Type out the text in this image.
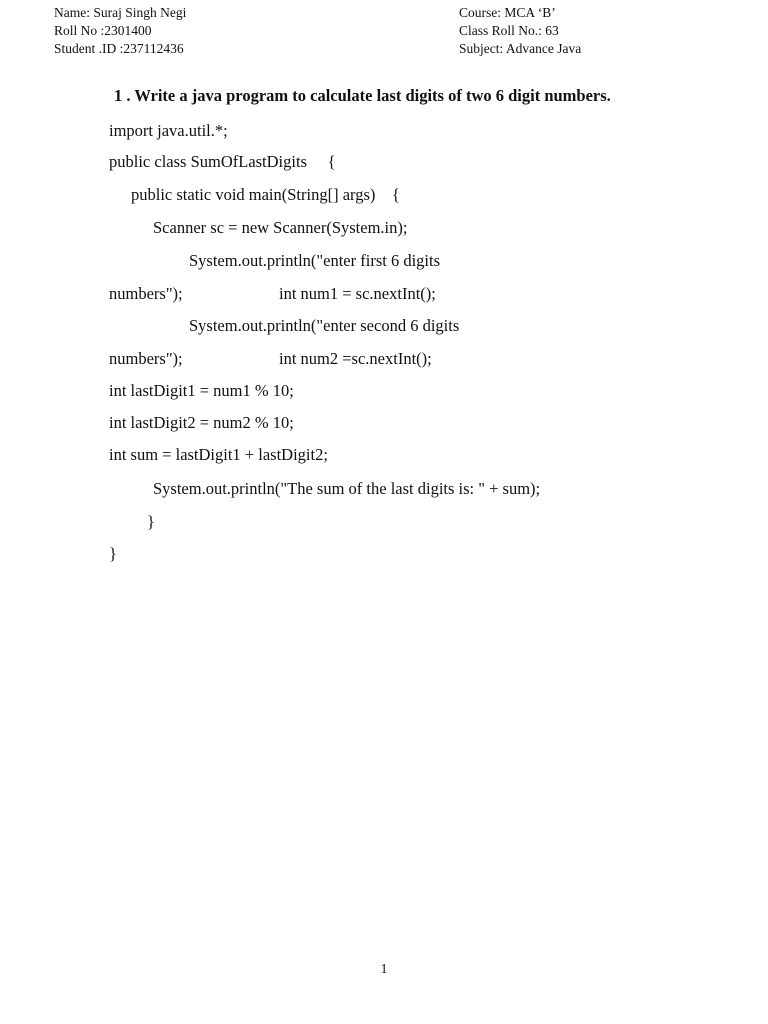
Name: Suraj Singh Negi
Roll No :2301400
Student .ID :237112436
Course: MCA ‘B’
Class Roll No.: 63
Subject: Advance Java
1 . Write a java program to calculate last digits of two 6 digit numbers.
import java.util.*;
public class SumOfLastDigits     {
public static void main(String[] args)    {
Scanner sc = new Scanner(System.in);
System.out.println("enter first 6 digits
numbers");	int num1 = sc.nextInt();
System.out.println("enter second 6 digits
numbers");	int num2 =sc.nextInt();
int lastDigit1 = num1 % 10;
int lastDigit2 = num2 % 10;
int sum = lastDigit1 + lastDigit2;
System.out.println("The sum of the last digits is: " + sum);
}
}
1
